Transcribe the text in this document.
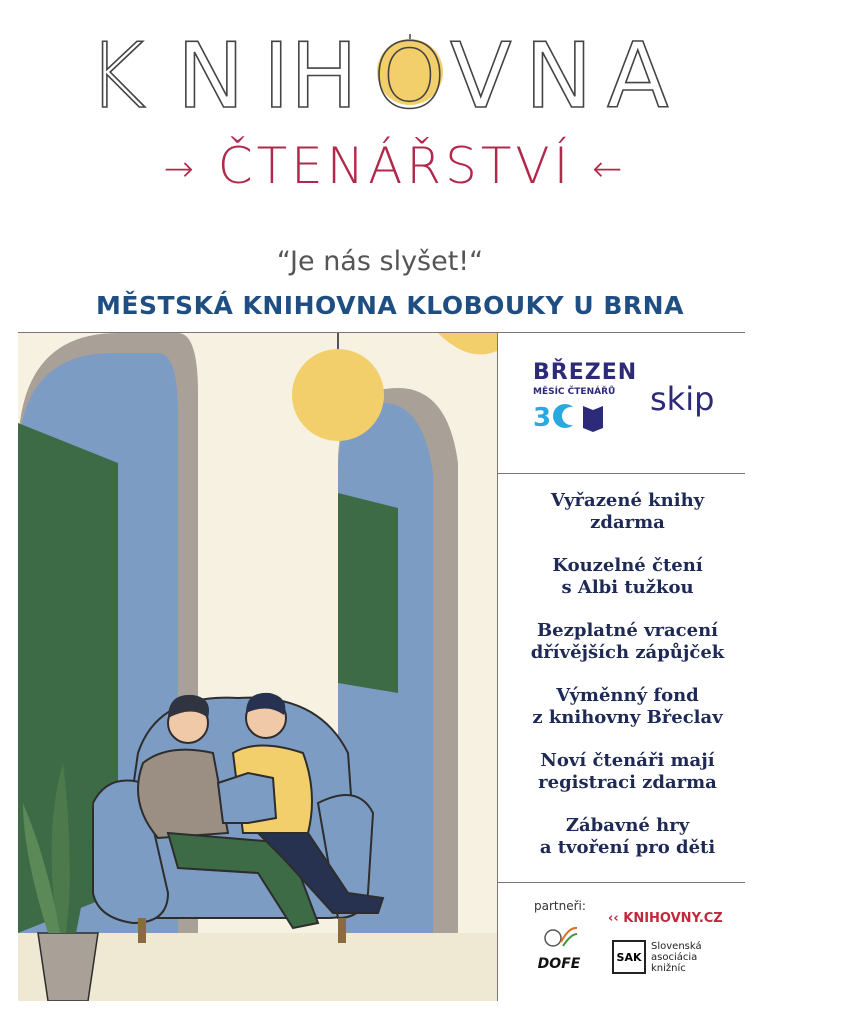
K N I H O V N A
→ ČTENÁŘSTVÍ ←
“Je nás slyšet!“
MĚSTSKÁ KNIHOVNA KLOBOUKY U BRNA
BŘEZEN
MĚSÍC ČTENÁŘŮ
3	skip
Vyřazené knihy
zdarma
Kouzelné čtení
s Albi tužkou
Bezplatné vracení
dřívějších zápůjček
Výměnný fond
z knihovny Břeclav
Noví čtenáři mají
registraci zdarma
Zábavné hry
a tvoření pro děti
partneři:
‹‹ KNIHOVNY.CZ
DOFE	SAK
Slovenská asociácia knižníc
